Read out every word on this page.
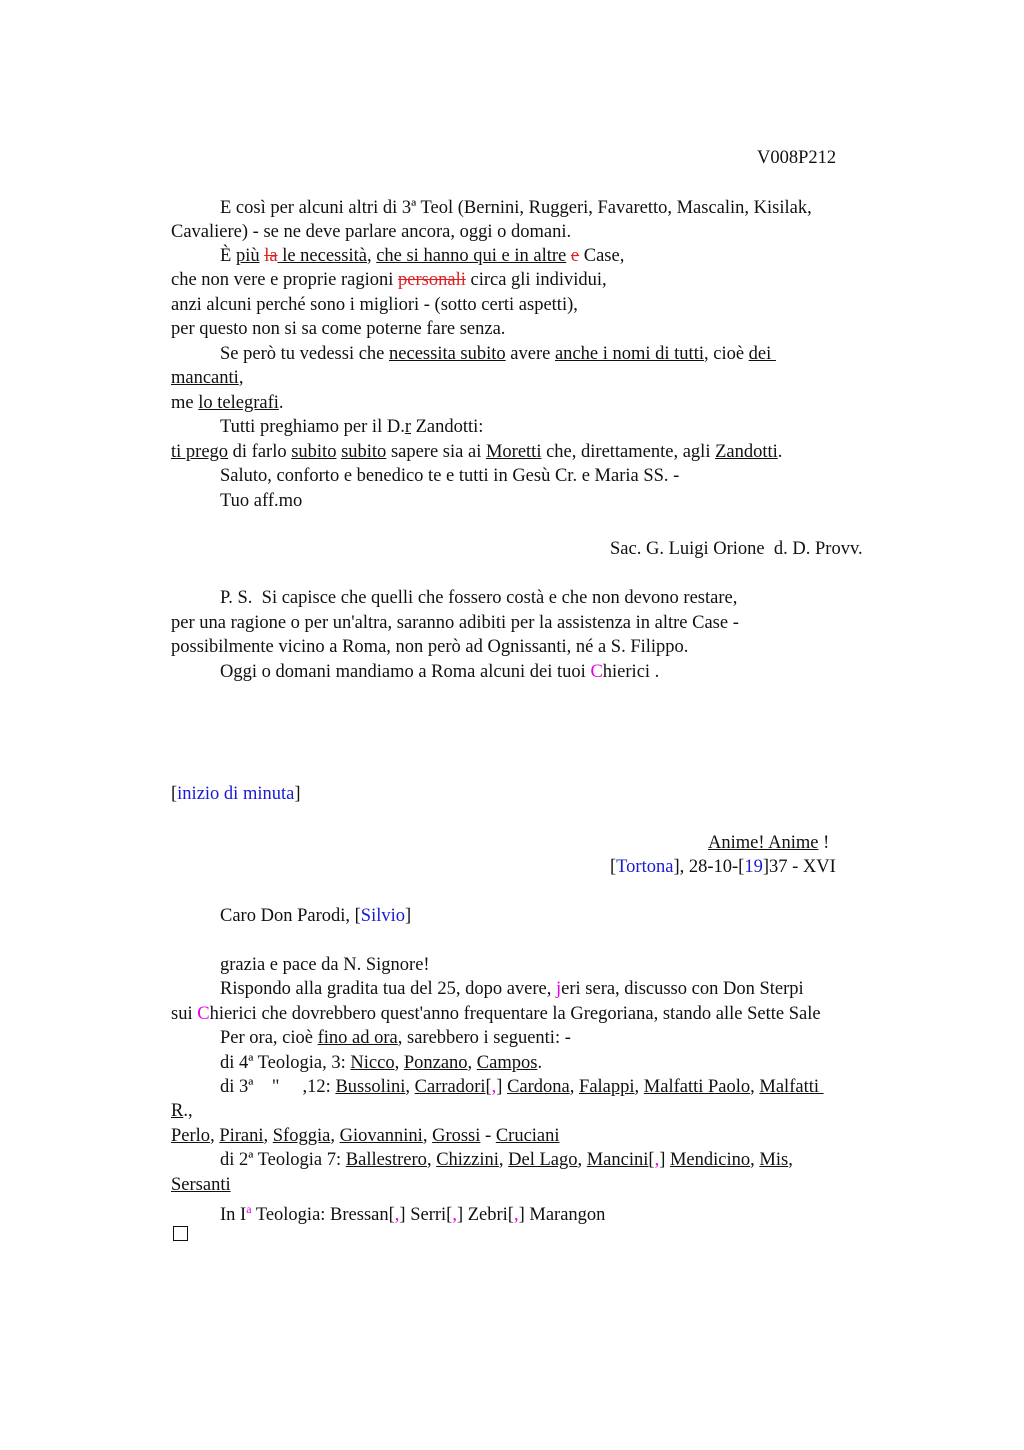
V008P212
E così per alcuni altri di 3ª Teol (Bernini, Ruggeri, Favaretto, Mascalin, Kisilak,
Cavaliere) - se ne deve parlare ancora, oggi o domani.
È più la le necessità, che si hanno qui e in altre e Case,
che non vere e proprie ragioni personali circa gli individui,
anzi alcuni perché sono i migliori - (sotto certi aspetti),
per questo non si sa come poterne fare senza.
Se però tu vedessi che necessita subito avere anche i nomi di tutti, cioè dei
mancanti,
me lo telegrafi.
Tutti preghiamo per il D.r Zandotti:
ti prego di farlo subito subito sapere sia ai Moretti che, direttamente, agli Zandotti.
Saluto, conforto e benedico te e tutti in Gesù Cr. e Maria SS. -
Tuo aff.mo
Sac. G. Luigi Orione  d. D. Provv.
P. S.  Si capisce che quelli che fossero costà e che non devono restare,
per una ragione o per un'altra, saranno adibiti per la assistenza in altre Case -
possibilmente vicino a Roma, non però ad Ognissanti, né a S. Filippo.
Oggi o domani mandiamo a Roma alcuni dei tuoi Chierici .
[inizio di minuta]
Anime! Anime !
[Tortona], 28-10-[19]37 - XVI
Caro Don Parodi, [Silvio]
grazia e pace da N. Signore!
Rispondo alla gradita tua del 25, dopo avere, jeri sera, discusso con Don Sterpi
sui Chierici che dovrebbero quest'anno frequentare la Gregoriana, stando alle Sette Sale
Per ora, cioè fino ad ora, sarebbero i seguenti: -
di 4ª Teologia, 3: Nicco, Ponzano, Campos.
di 3ª    "     ,12: Bussolini, Carradori[,] Cardona, Falappi, Malfatti Paolo, Malfatti
R.,
Perlo, Pirani, Sfoggia, Giovannini, Grossi - Cruciani
di 2ª Teologia 7: Ballestrero, Chizzini, Del Lago, Mancini[,] Mendicino, Mis,
Sersanti
In $I^a$ Teologia: Bressan[,] Serri[,] Zebri[,] Marangon
